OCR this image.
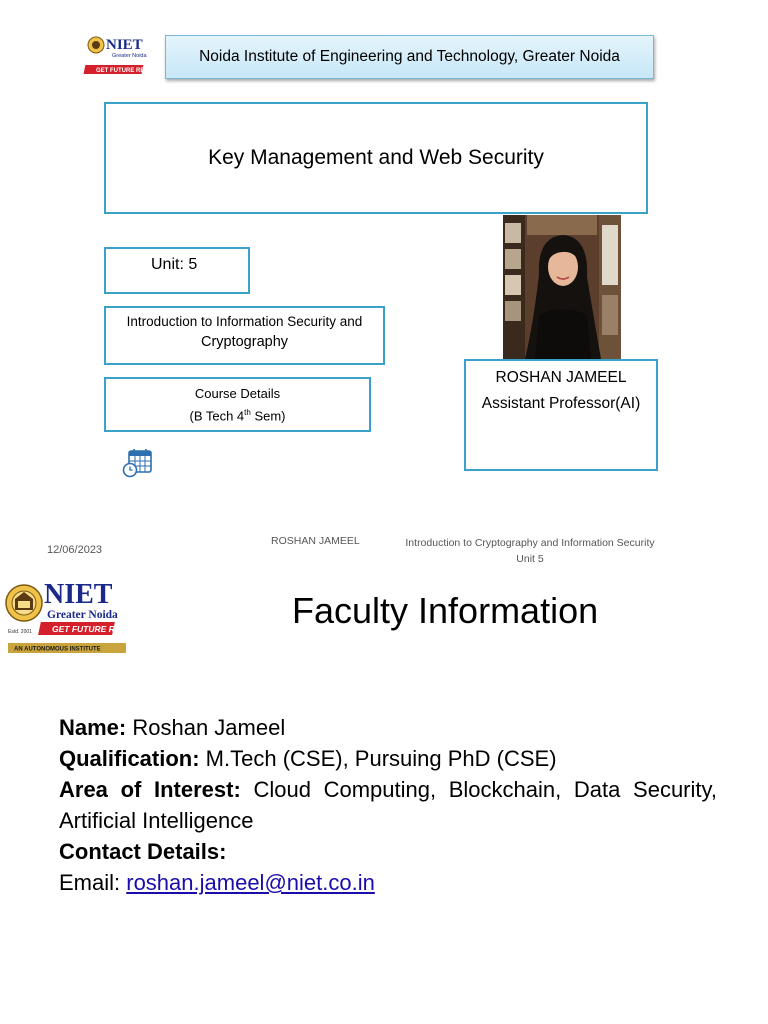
NIET
Greater Noida
GET FUTURE READY
Noida Institute of Engineering and Technology, Greater Noida
Key Management and Web Security
Unit: 5
Introduction to Information Security and
Cryptography
Course Details
(B Tech 4th Sem)
ROSHAN JAMEEL
Assistant Professor(AI)
12/06/2023
ROSHAN JAMEEL	Introduction to Cryptography and Information Security
Unit 5
Estd. 2001
NIET
Greater Noida
GET FUTURE READY
AN AUTONOMOUS INSTITUTE
Faculty Information
Name: Roshan Jameel
Qualification: M.Tech (CSE), Pursuing PhD (CSE)
Area of Interest: Cloud Computing, Blockchain, Data Security,
Artificial Intelligence
Contact Details:
Email: roshan.jameel@niet.co.in
